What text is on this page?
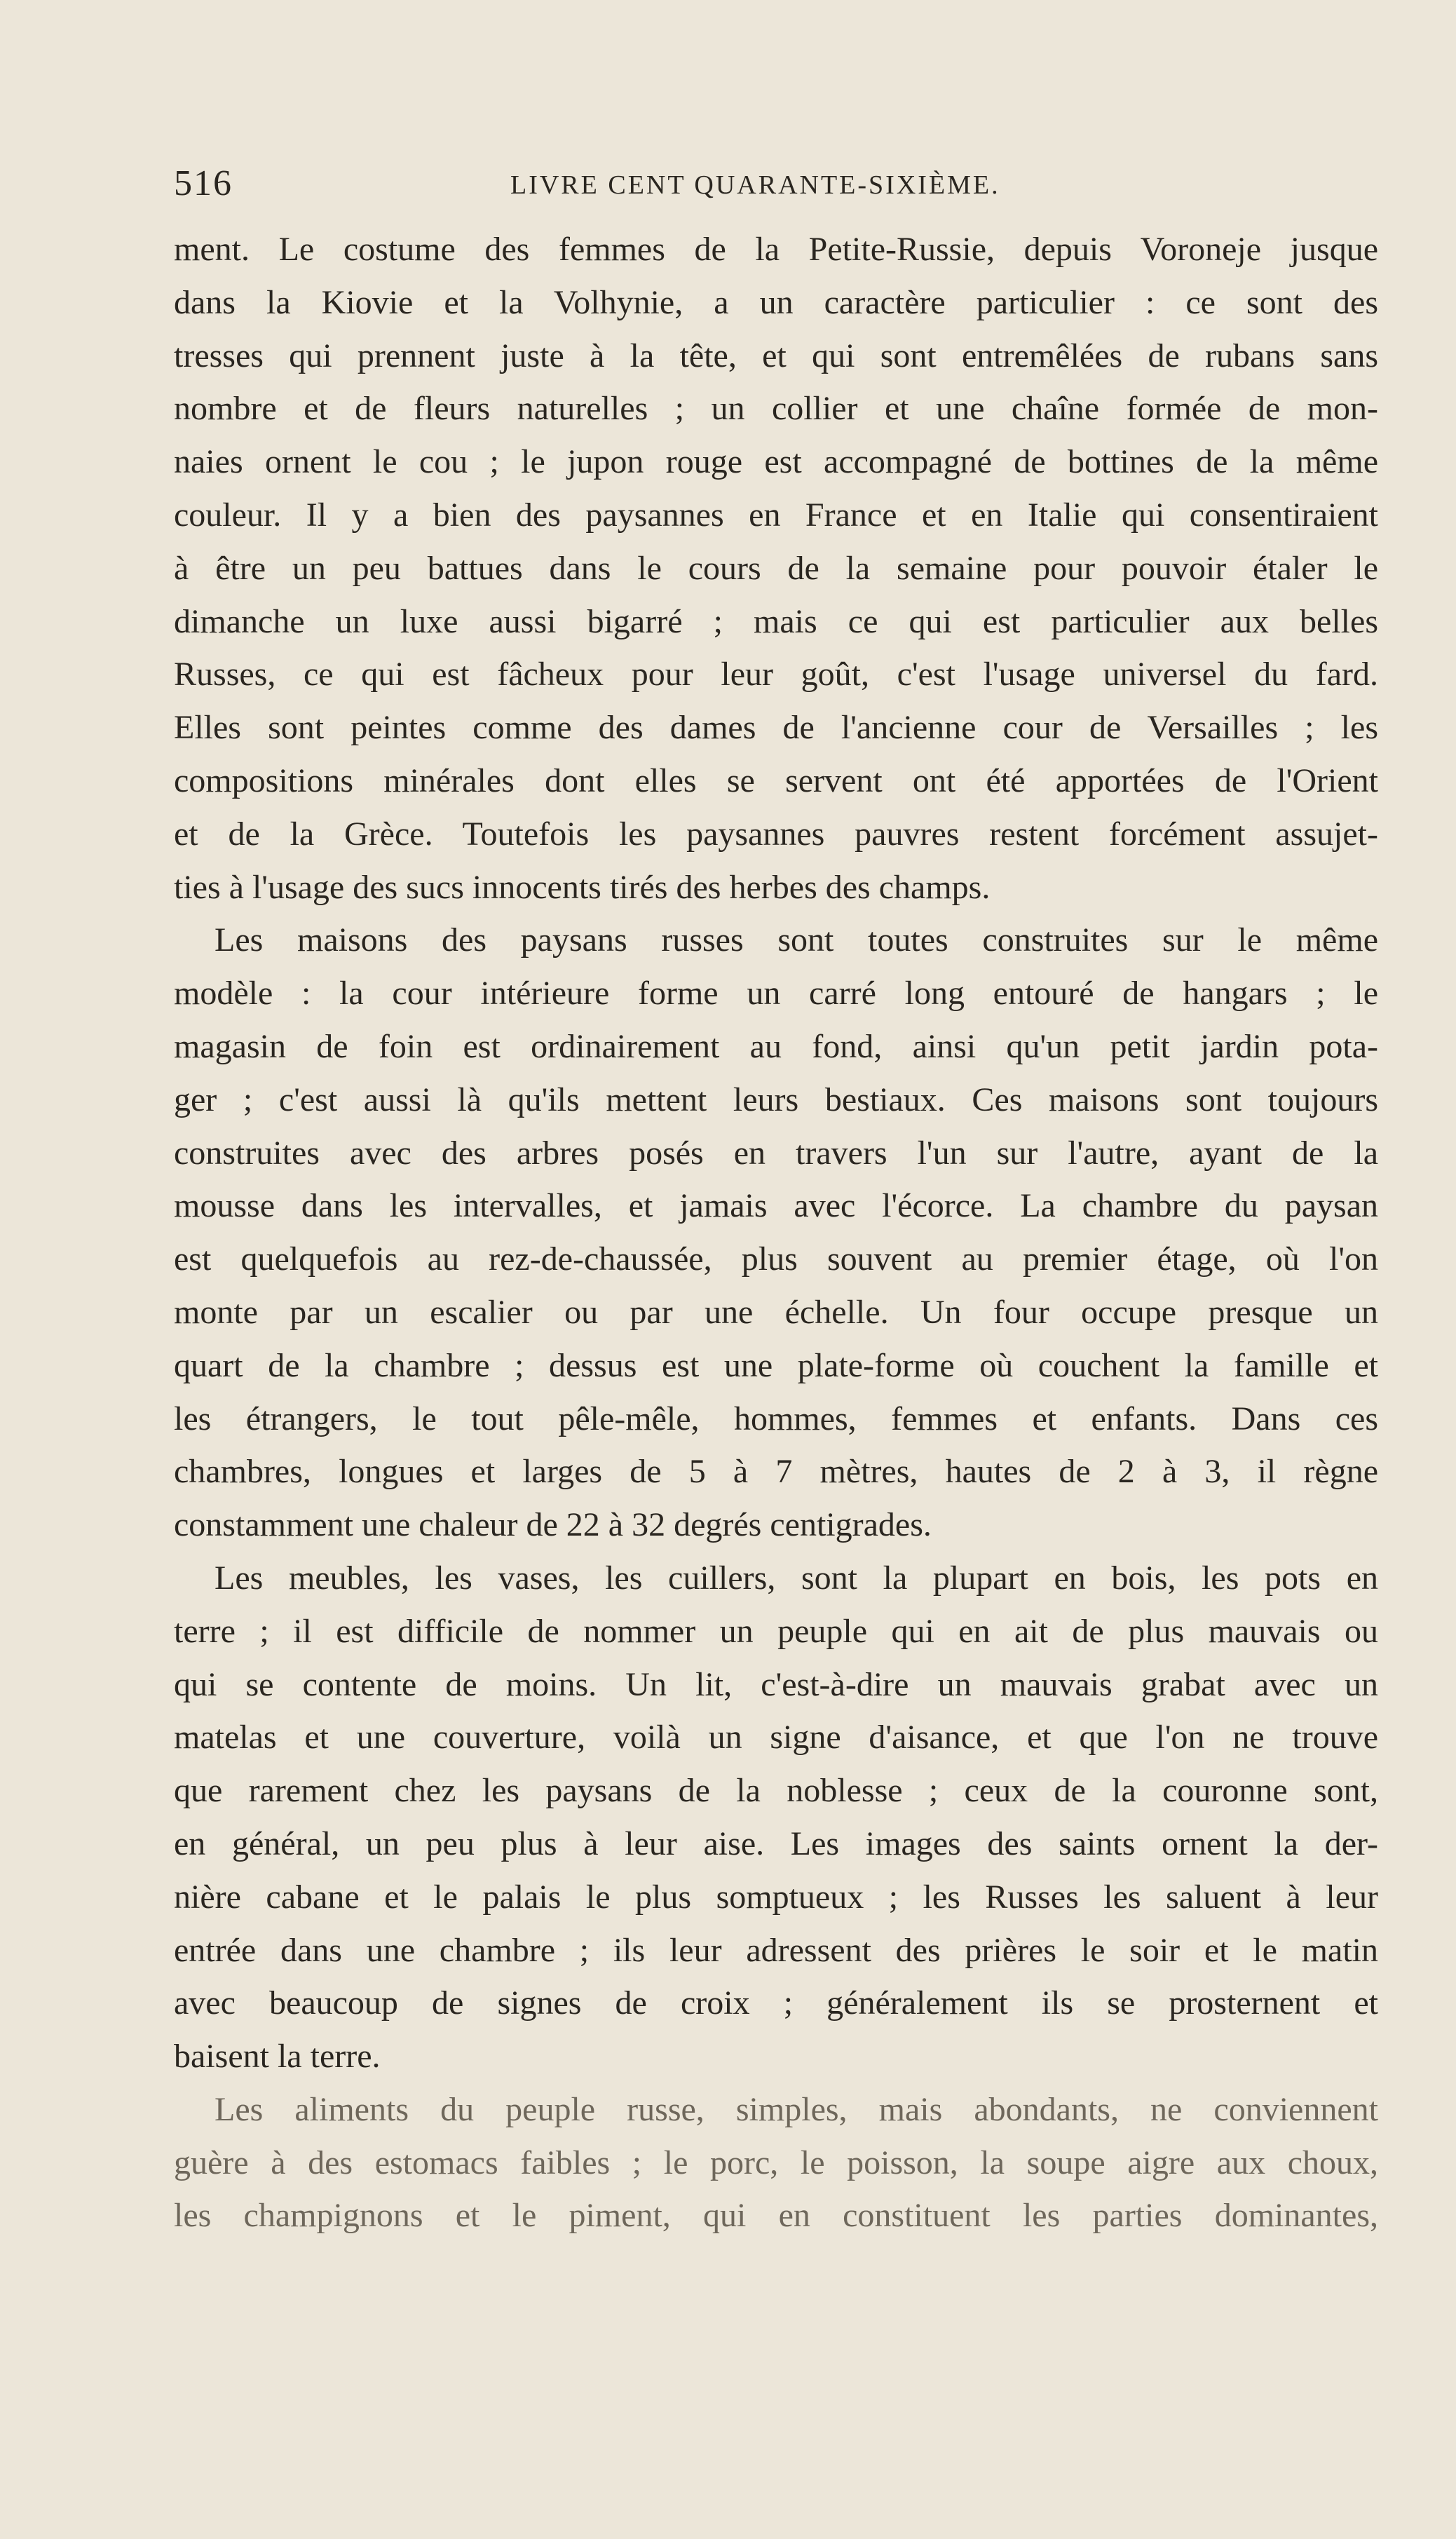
516	LIVRE CENT QUARANTE-SIXIÈME.
ment. Le costume des femmes de la Petite-Russie, depuis Voroneje jusque
dans la Kiovie et la Volhynie, a un caractère particulier : ce sont des
tresses qui prennent juste à la tête, et qui sont entremêlées de rubans sans
nombre et de fleurs naturelles ; un collier et une chaîne formée de mon-
naies ornent le cou ; le jupon rouge est accompagné de bottines de la même
couleur. Il y a bien des paysannes en France et en Italie qui consentiraient
à être un peu battues dans le cours de la semaine pour pouvoir étaler le
dimanche un luxe aussi bigarré ; mais ce qui est particulier aux belles
Russes, ce qui est fâcheux pour leur goût, c'est l'usage universel du fard.
Elles sont peintes comme des dames de l'ancienne cour de Versailles ; les
compositions minérales dont elles se servent ont été apportées de l'Orient
et de la Grèce. Toutefois les paysannes pauvres restent forcément assujet-
ties à l'usage des sucs innocents tirés des herbes des champs.
Les maisons des paysans russes sont toutes construites sur le même
modèle : la cour intérieure forme un carré long entouré de hangars ; le
magasin de foin est ordinairement au fond, ainsi qu'un petit jardin pota-
ger ; c'est aussi là qu'ils mettent leurs bestiaux. Ces maisons sont toujours
construites avec des arbres posés en travers l'un sur l'autre, ayant de la
mousse dans les intervalles, et jamais avec l'écorce. La chambre du paysan
est quelquefois au rez-de-chaussée, plus souvent au premier étage, où l'on
monte par un escalier ou par une échelle. Un four occupe presque un
quart de la chambre ; dessus est une plate-forme où couchent la famille et
les étrangers, le tout pêle-mêle, hommes, femmes et enfants. Dans ces
chambres, longues et larges de 5 à 7 mètres, hautes de 2 à 3, il règne
constamment une chaleur de 22 à 32 degrés centigrades.
Les meubles, les vases, les cuillers, sont la plupart en bois, les pots en
terre ; il est difficile de nommer un peuple qui en ait de plus mauvais ou
qui se contente de moins. Un lit, c'est-à-dire un mauvais grabat avec un
matelas et une couverture, voilà un signe d'aisance, et que l'on ne trouve
que rarement chez les paysans de la noblesse ; ceux de la couronne sont,
en général, un peu plus à leur aise. Les images des saints ornent la der-
nière cabane et le palais le plus somptueux ; les Russes les saluent à leur
entrée dans une chambre ; ils leur adressent des prières le soir et le matin
avec beaucoup de signes de croix ; généralement ils se prosternent et
baisent la terre.
Les aliments du peuple russe, simples, mais abondants, ne conviennent
guère à des estomacs faibles ; le porc, le poisson, la soupe aigre aux choux,
les champignons et le piment, qui en constituent les parties dominantes,
